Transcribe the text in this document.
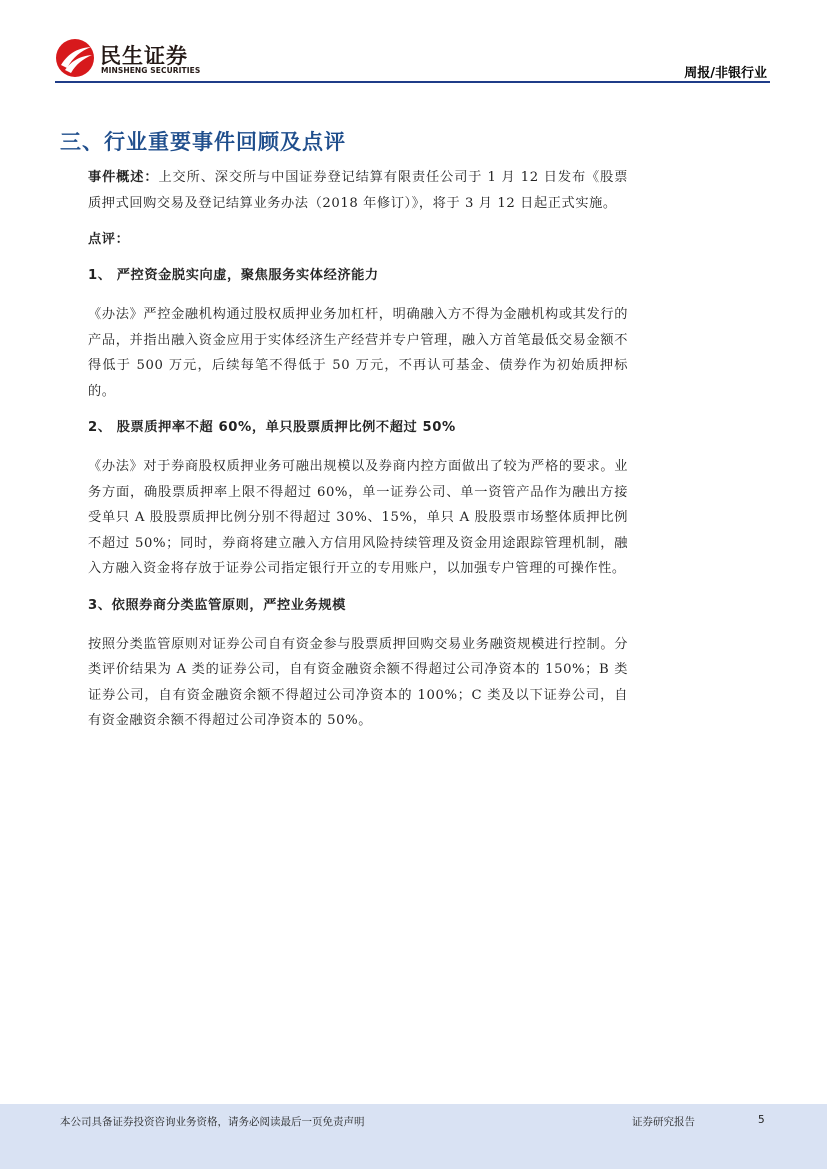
民生证券
MINSHENG SECURITIES	周报/非银行业
三、行业重要事件回顾及点评

事件概述：上交所、深交所与中国证券登记结算有限责任公司于 1 月 12 日发布《股票质押式回购交易及登记结算业务办法（2018 年修订）》，将于 3 月 12 日起正式实施。

点评：
1、 严控资金脱实向虚，聚焦服务实体经济能力

《办法》严控金融机构通过股权质押业务加杠杆，明确融入方不得为金融机构或其发行的产品，并指出融入资金应用于实体经济生产经营并专户管理，融入方首笔最低交易金额不得低于 500 万元，后续每笔不得低于 50 万元，不再认可基金、债券作为初始质押标的。

2、 股票质押率不超 60%，单只股票质押比例不超过 50%

《办法》对于券商股权质押业务可融出规模以及券商内控方面做出了较为严格的要求。业务方面，确股票质押率上限不得超过 60%，单一证券公司、单一资管产品作为融出方接受单只 A 股股票质押比例分别不得超过 30%、15%，单只 A 股股票市场整体质押比例不超过 50%；同时，券商将建立融入方信用风险持续管理及资金用途跟踪管理机制，融入方融入资金将存放于证券公司指定银行开立的专用账户，以加强专户管理的可操作性。

3、依照券商分类监管原则，严控业务规模

按照分类监管原则对证券公司自有资金参与股票质押回购交易业务融资规模进行控制。分类评价结果为 A 类的证券公司，自有资金融资余额不得超过公司净资本的 150%；B 类证券公司，自有资金融资余额不得超过公司净资本的 100%；C 类及以下证券公司，自有资金融资余额不得超过公司净资本的 50%。

本公司具备证券投资咨询业务资格，请务必阅读最后一页免责声明	证券研究报告	5
